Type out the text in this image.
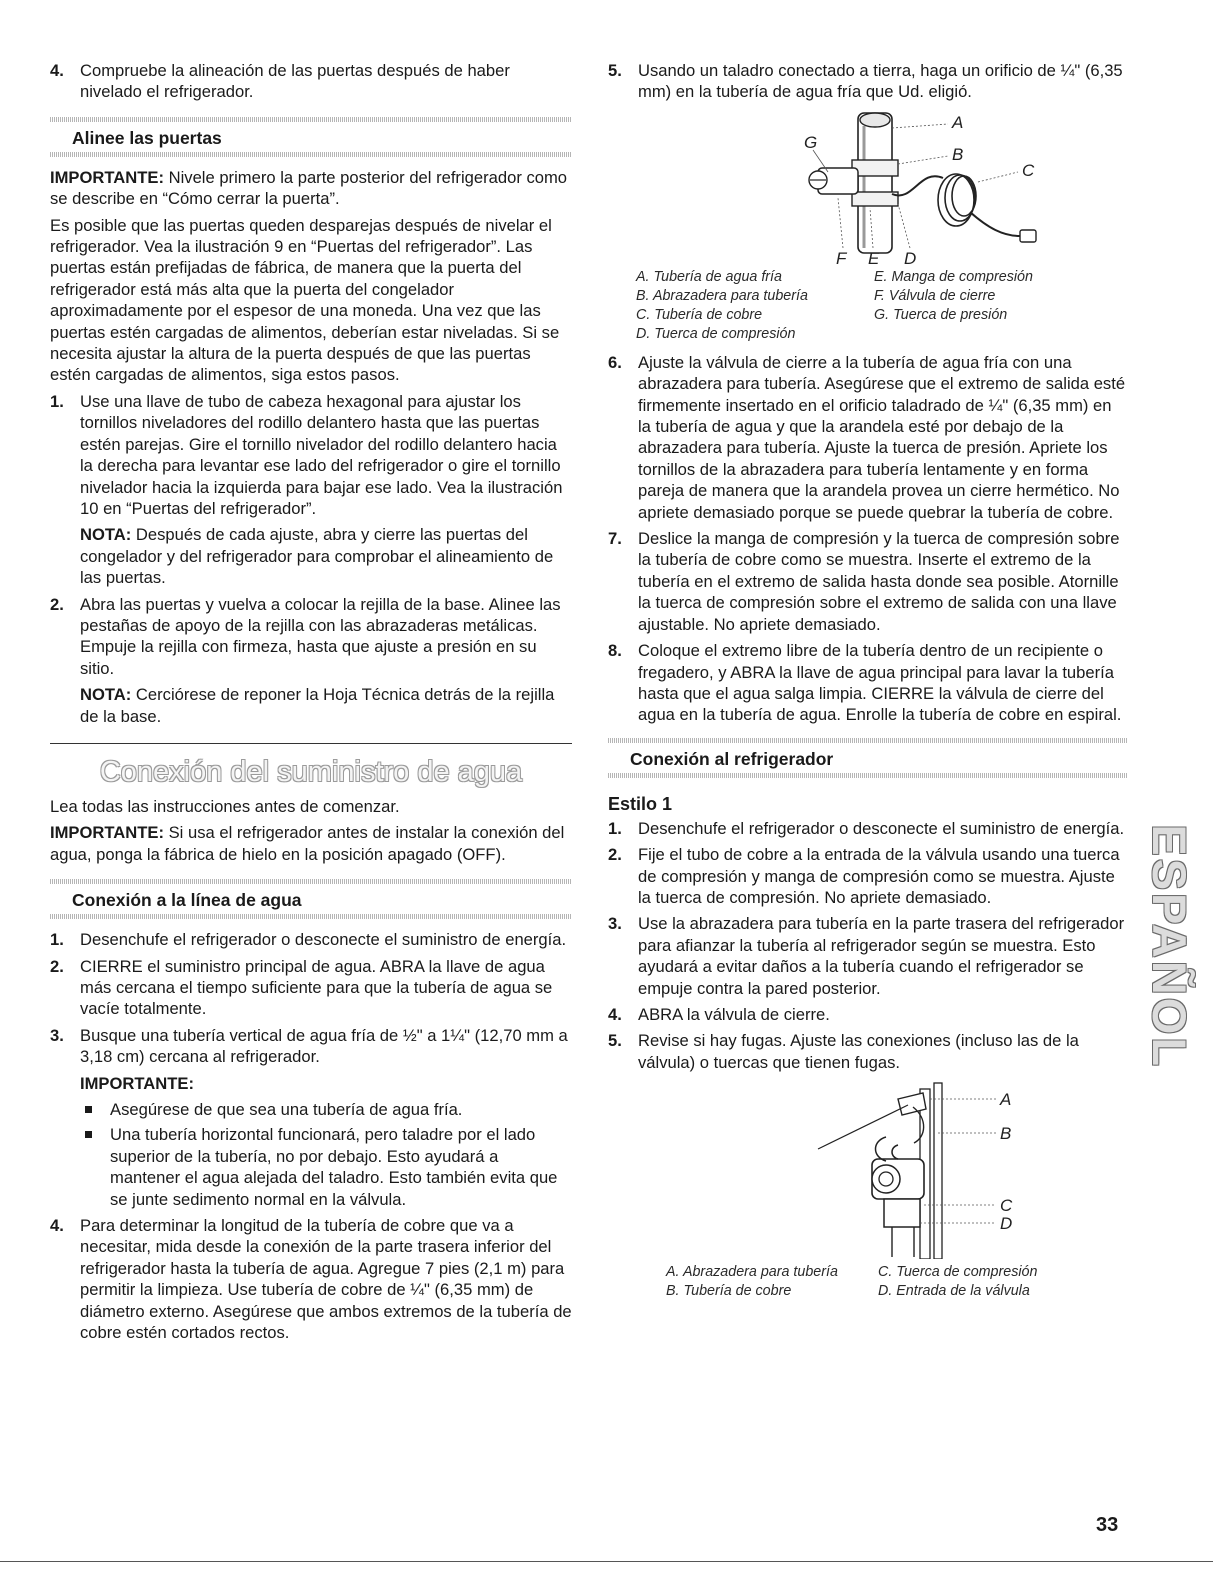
4. Compruebe la alineación de las puertas después de haber nivelado el refrigerador.

Alinee las puertas

IMPORTANTE: Nivele primero la parte posterior del refrigerador como se describe en “Cómo cerrar la puerta”.

Es posible que las puertas queden desparejas después de nivelar el refrigerador. Vea la ilustración 9 en “Puertas del refrigerador”. Las puertas están prefijadas de fábrica, de manera que la puerta del refrigerador está más alta que la puerta del congelador aproximadamente por el espesor de una moneda. Una vez que las puertas estén cargadas de alimentos, deberían estar niveladas. Si se necesita ajustar la altura de la puerta después de que las puertas estén cargadas de alimentos, siga estos pasos.

1. Use una llave de tubo de cabeza hexagonal para ajustar los tornillos niveladores del rodillo delantero hasta que las puertas estén parejas. Gire el tornillo nivelador del rodillo delantero hacia la derecha para levantar ese lado del refrigerador o gire el tornillo nivelador hacia la izquierda para bajar ese lado. Vea la ilustración 10 en “Puertas del refrigerador”.

NOTA: Después de cada ajuste, abra y cierre las puertas del congelador y del refrigerador para comprobar el alineamiento de las puertas.

2. Abra las puertas y vuelva a colocar la rejilla de la base. Alinee las pestañas de apoyo de la rejilla con las abrazaderas metálicas. Empuje la rejilla con firmeza, hasta que ajuste a presión en su sitio.

NOTA: Cerciórese de reponer la Hoja Técnica detrás de la rejilla de la base.

Conexión del suministro de agua

Lea todas las instrucciones antes de comenzar.

IMPORTANTE: Si usa el refrigerador antes de instalar la conexión del agua, ponga la fábrica de hielo en la posición apagado (OFF).

Conexión a la línea de agua
1. Desenchufe el refrigerador o desconecte el suministro de energía.

2. CIERRE el suministro principal de agua. ABRA la llave de agua más cercana el tiempo suficiente para que la tubería de agua se vacíe totalmente.

3. Busque una tubería vertical de agua fría de ½" a 1¼" (12,70 mm a 3,18 cm) cercana al refrigerador.

IMPORTANTE:

Asegúrese de que sea una tubería de agua fría.
Una tubería horizontal funcionará, pero taladre por el lado superior de la tubería, no por debajo. Esto ayudará a mantener el agua alejada del taladro. Esto también evita que se junte sedimento normal en la válvula.
4. Para determinar la longitud de la tubería de cobre que va a necesitar, mida desde la conexión de la parte trasera inferior del refrigerador hasta la tubería de agua. Agregue 7 pies (2,1 m) para permitir la limpieza. Use tubería de cobre de ¼" (6,35 mm) de diámetro externo. Asegúrese que ambos extremos de la tubería de cobre estén cortados rectos.

5. Usando un taladro conectado a tierra, haga un orificio de ¼" (6,35 mm) en la tubería de agua fría que Ud. eligió.

A
B
C
G
F E D
A. Tubería de agua fría
B. Abrazadera para tubería
C. Tubería de cobre
D. Tuerca de compresión
E. Manga de compresión
F. Válvula de cierre
G. Tuerca de presión
6. Ajuste la válvula de cierre a la tubería de agua fría con una abrazadera para tubería. Asegúrese que el extremo de salida esté firmemente insertado en el orificio taladrado de ¼" (6,35 mm) en la tubería de agua y que la arandela esté por debajo de la abrazadera para tubería. Ajuste la tuerca de presión. Apriete los tornillos de la abrazadera para tubería lentamente y en forma pareja de manera que la arandela provea un cierre hermético. No apriete demasiado porque se puede quebrar la tubería de cobre.

7. Deslice la manga de compresión y la tuerca de compresión sobre la tubería de cobre como se muestra. Inserte el extremo de la tubería en el extremo de salida hasta donde sea posible. Atornille la tuerca de compresión sobre el extremo de salida con una llave ajustable. No apriete demasiado.

8. Coloque el extremo libre de la tubería dentro de un recipiente o fregadero, y ABRA la llave de agua principal para lavar la tubería hasta que el agua salga limpia. CIERRE la válvula de cierre del agua en la tubería de agua. Enrolle la tubería de cobre en espiral.

Conexión al refrigerador
Estilo 1
1. Desenchufe el refrigerador o desconecte el suministro de energía.

2. Fije el tubo de cobre a la entrada de la válvula usando una tuerca de compresión y manga de compresión como se muestra. Ajuste la tuerca de compresión. No apriete demasiado.

3. Use la abrazadera para tubería en la parte trasera del refrigerador para afianzar la tubería al refrigerador según se muestra. Esto ayudará a evitar daños a la tubería cuando el refrigerador se empuje contra la pared posterior.

4. ABRA la válvula de cierre.

5. Revise si hay fugas. Ajuste las conexiones (incluso las de la válvula) o tuercas que tienen fugas.

A
B
C
D
A. Abrazadera para tubería
B. Tubería de cobre
C. Tuerca de compresión
D. Entrada de la válvula
ESPAÑOL
33
